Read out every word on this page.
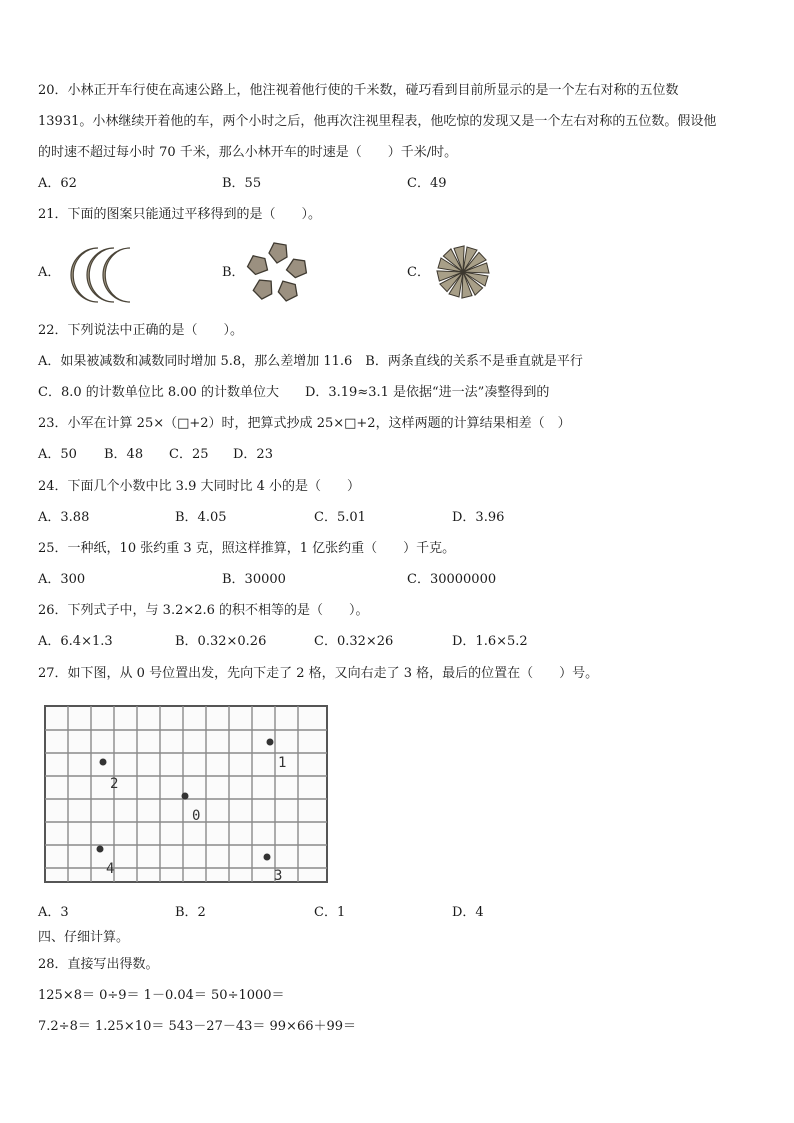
20．小林正开车行使在高速公路上，他注视着他行使的千米数，碰巧看到目前所显示的是一个左右对称的五位数
13931。小林继续开着他的车，两个小时之后，他再次注视里程表，他吃惊的发现又是一个左右对称的五位数。假设他
的时速不超过每小时 70 千米，那么小林开车的时速是（　　）千米/时。
A．62	B．55	C．49
21．下面的图案只能通过平移得到的是（　　）。
A．	B．	C．
22．下列说法中正确的是（　　）。
A．如果被减数和减数同时增加 5.8，那么差增加 11.6　B．两条直线的关系不是垂直就是平行
C．8.0 的计数单位比 8.00 的计数单位大　　D．3.19≈3.1 是依据“进一法”凑整得到的
23．小军在计算 25×（□+2）时，把算式抄成 25×□+2，这样两题的计算结果相差（　）
A．50 B．48 C．25 D．23
24．下面几个小数中比 3.9 大同时比 4 小的是（　　）
A．3.88	B．4.05	C．5.01	D．3.96
25．一种纸，10 张约重 3 克，照这样推算，1 亿张约重（　　）千克。
A．300	B．30000	C．30000000
26．下列式子中，与 3.2×2.6 的积不相等的是（　　）。
A．6.4×1.3	B．0.32×0.26	C．0.32×26	D．1.6×5.2
27．如下图，从 0 号位置出发，先向下走了 2 格，又向右走了 3 格，最后的位置在（　　）号。
1
2
0
4	3
A．3	B．2	C．1	D．4
四、仔细计算。
28．直接写出得数。
125×8＝ 0÷9＝ 1－0.04＝ 50÷1000＝
7.2÷8＝ 1.25×10＝ 543－27－43＝ 99×66＋99＝
